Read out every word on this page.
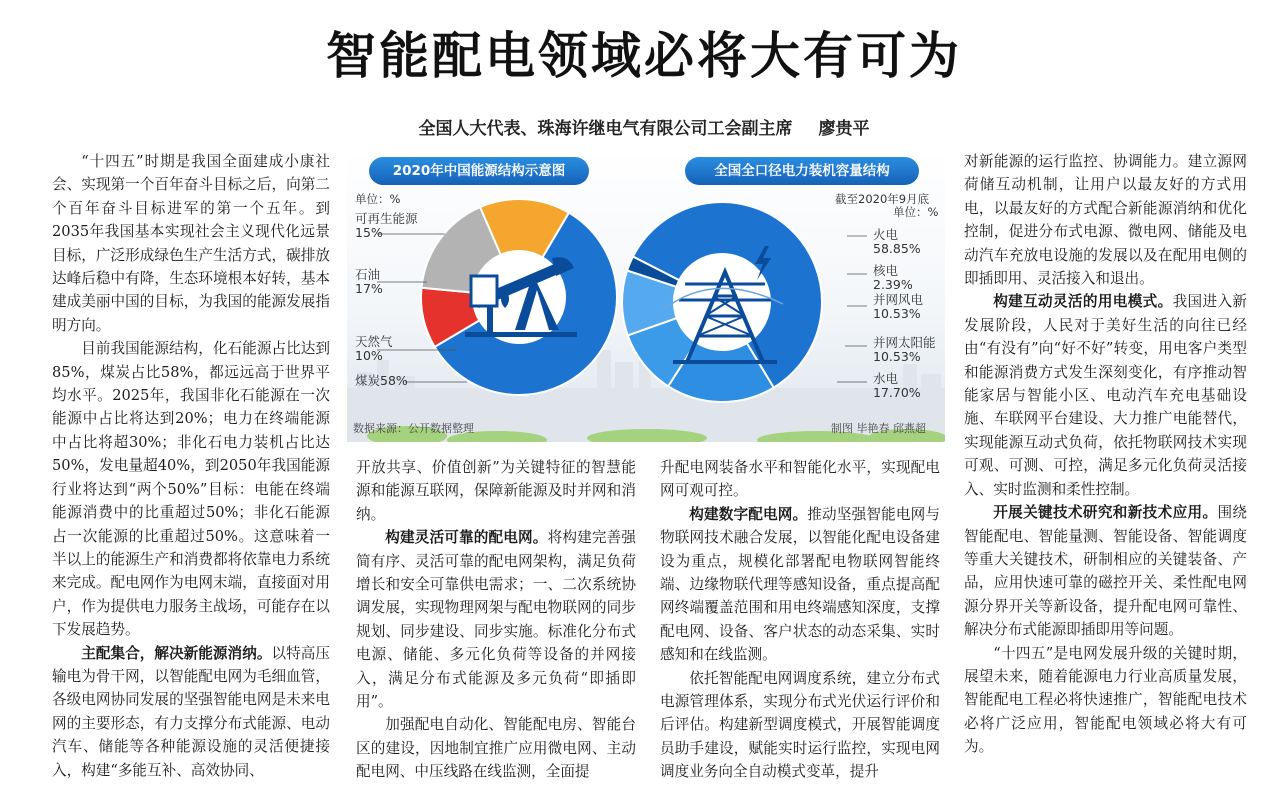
智能配电领域必将大有可为
全国人大代表、珠海许继电气有限公司工会副主席 廖贵平

“十四五”时期是我国全面建成小康社会、实现第一个百年奋斗目标之后，向第二个百年奋斗目标进军的第一个五年。到2035年我国基本实现社会主义现代化远景目标，广泛形成绿色生产生活方式，碳排放达峰后稳中有降，生态环境根本好转，基本建成美丽中国的目标，为我国的能源发展指明方向。

目前我国能源结构，化石能源占比达到85%，煤炭占比58%，都远远高于世界平均水平。2025年，我国非化石能源在一次能源中占比将达到20%；电力在终端能源中占比将超30%；非化石电力装机占比达50%，发电量超40%，到2050年我国能源行业将达到“两个50%”目标：电能在终端能源消费中的比重超过50%；非化石能源占一次能源的比重超过50%。这意味着一半以上的能源生产和消费都将依靠电力系统来完成。配电网作为电网末端，直接面对用户，作为提供电力服务主战场，可能存在以下发展趋势。

主配集合，解决新能源消纳。以特高压输电为骨干网，以智能配电网为毛细血管，各级电网协同发展的坚强智能电网是未来电网的主要形态，有力支撑分布式能源、电动汽车、储能等各种能源设施的灵活便捷接入，构建“多能互补、高效协同、

2020年中国能源结构示意图	全国全口径电力装机容量结构
单位：%	截至2020年9月底
单位：%
可再生能源
15%
石油
17%
天然气
10%
煤炭58%
火电
58.85%
核电
2.39%
并网风电
10.53%
并网太阳能
10.53%
水电
17.70%
数据来源：公开数据整理	制图 毕艳春 邱燕超

开放共享、价值创新”为关键特征的智慧能源和能源互联网，保障新能源及时并网和消纳。

构建灵活可靠的配电网。将构建完善强简有序、灵活可靠的配电网架构，满足负荷增长和安全可靠供电需求；一、二次系统协调发展，实现物理网架与配电物联网的同步规划、同步建设、同步实施。标准化分布式电源、储能、多元化负荷等设备的并网接入，满足分布式能源及多元负荷“即插即用”。

加强配电自动化、智能配电房、智能台区的建设，因地制宜推广应用微电网、主动配电网、中压线路在线监测，全面提

升配电网装备水平和智能化水平，实现配电网可观可控。

构建数字配电网。推动坚强智能电网与物联网技术融合发展，以智能化配电设备建设为重点，规模化部署配电物联网智能终端、边缘物联代理等感知设备，重点提高配网终端覆盖范围和用电终端感知深度，支撑配电网、设备、客户状态的动态采集、实时感知和在线监测。

依托智能配电网调度系统，建立分布式电源管理体系，实现分布式光伏运行评价和后评估。构建新型调度模式，开展智能调度员助手建设，赋能实时运行监控，实现电网调度业务向全自动模式变革，提升

对新能源的运行监控、协调能力。建立源网荷储互动机制，让用户以最友好的方式用电，以最友好的方式配合新能源消纳和优化控制，促进分布式电源、微电网、储能及电动汽车充放电设施的发展以及在配用电侧的即插即用、灵活接入和退出。

构建互动灵活的用电模式。我国进入新发展阶段，人民对于美好生活的向往已经由“有没有”向“好不好”转变，用电客户类型和能源消费方式发生深刻变化，有序推动智能家居与智能小区、电动汽车充电基础设施、车联网平台建设、大力推广电能替代，实现能源互动式负荷，依托物联网技术实现可观、可测、可控，满足多元化负荷灵活接入、实时监测和柔性控制。

开展关键技术研究和新技术应用。围绕智能配电、智能量测、智能设备、智能调度等重大关键技术，研制相应的关键装备、产品，应用快速可靠的磁控开关、柔性配电网源分界开关等新设备，提升配电网可靠性、解决分布式能源即插即用等问题。

“十四五”是电网发展升级的关键时期，展望未来，随着能源电力行业高质量发展，智能配电工程必将快速推广，智能配电技术必将广泛应用，智能配电领域必将大有可为。
